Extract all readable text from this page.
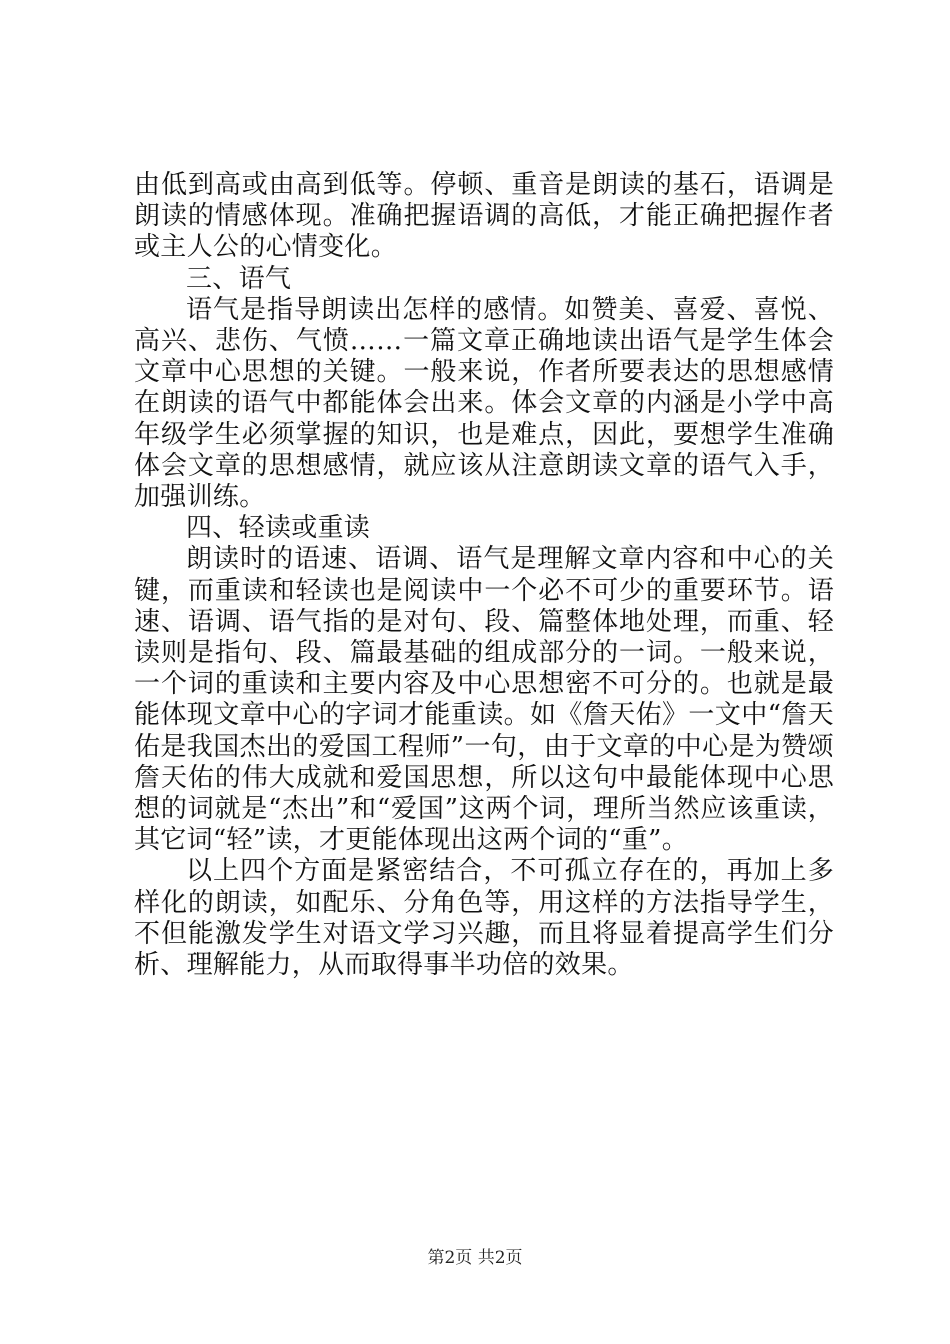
由低到高或由高到低等。停顿、重音是朗读的基石，语调是朗读的情感体现。准确把握语调的高低，才能正确把握作者或主人公的心情变化。

三、语气

语气是指导朗读出怎样的感情。如赞美、喜爱、喜悦、高兴、悲伤、气愤……一篇文章正确地读出语气是学生体会文章中心思想的关键。一般来说，作者所要表达的思想感情在朗读的语气中都能体会出来。体会文章的内涵是小学中高年级学生必须掌握的知识，也是难点，因此，要想学生准确体会文章的思想感情，就应该从注意朗读文章的语气入手，加强训练。

四、轻读或重读

朗读时的语速、语调、语气是理解文章内容和中心的关键，而重读和轻读也是阅读中一个必不可少的重要环节。语速、语调、语气指的是对句、段、篇整体地处理，而重、轻读则是指句、段、篇最基础的组成部分的一词。一般来说，一个词的重读和主要内容及中心思想密不可分的。也就是最能体现文章中心的字词才能重读。如《詹天佑》一文中“詹天佑是我国杰出的爱国工程师”一句，由于文章的中心是为赞颂詹天佑的伟大成就和爱国思想，所以这句中最能体现中心思想的词就是“杰出”和“爱国”这两个词，理所当然应该重读，其它词“轻”读，才更能体现出这两个词的“重”。

以上四个方面是紧密结合，不可孤立存在的，再加上多样化的朗读，如配乐、分角色等，用这样的方法指导学生，不但能激发学生对语文学习兴趣，而且将显着提高学生们分析、理解能力，从而取得事半功倍的效果。

第2页 共2页
